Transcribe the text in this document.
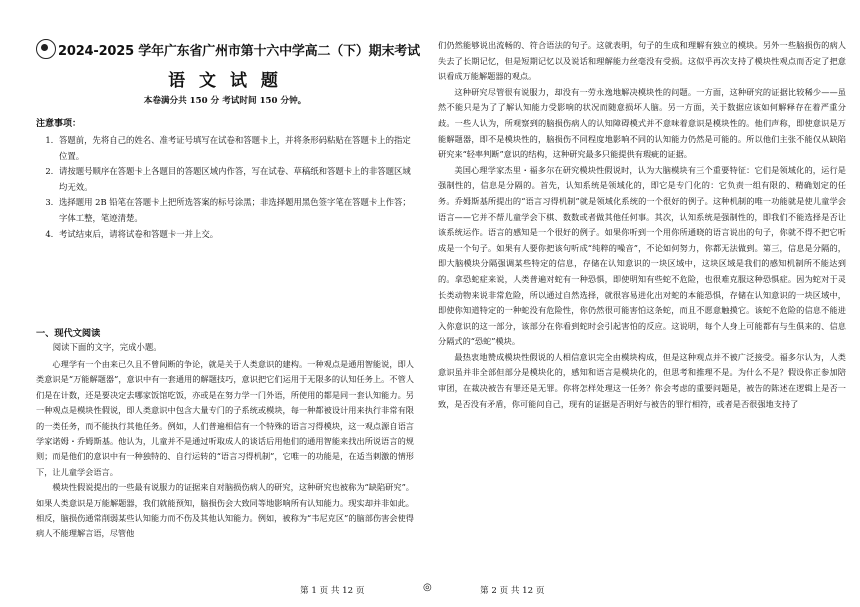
2024-2025 学年广东省广州市第十六中学高二（下）期末考试
语 文 试 题
本卷满分共 150 分 考试时间 150 分钟。
注意事项：
1. 答题前，先将自己的姓名、准考证号填写在试卷和答题卡上，并将条形码粘贴在答题卡上的指定位置。
2. 请按题号顺序在答题卡上各题目的答题区域内作答，写在试卷、草稿纸和答题卡上的非答题区域均无效。
3. 选择题用 2B 铅笔在答题卡上把所选答案的标号涂黑；非选择题用黑色签字笔在答题卡上作答；字体工整，笔迹清楚。
4. 考试结束后，请将试卷和答题卡一并上交。
一、现代文阅读
阅读下面的文字，完成小题。

心理学有一个由来已久且不曾间断的争论，就是关于人类意识的建构。一种观点是通用智能说，即人类意识是“万能解题器”，意识中有一套通用的解题技巧，意识把它们运用于无限多的认知任务上。不管人们是在计数，还是要决定去哪家饭馆吃饭，亦或是在努力学一门外语，所使用的都是同一套认知能力。另一种观点是模块性假说，即人类意识中包含大量专门的子系统或模块，每一种都被设计用来执行非常有限的一类任务，而不能执行其他任务。例如，人们普遍相信有一个特殊的语言习得模块，这一观点源自语言学家诺姆・乔姆斯基。他认为，儿童并不是通过听取成人的谈话后用他们的通用智能来找出所说语言的规则；而是他们的意识中有一种独特的、自行运转的“语言习得机制”，它唯一的功能是，在适当刺激的情形下，让儿童学会语言。

模块性假说提出的一些最有说服力的证据来自对脑损伤病人的研究，这种研究也被称为“缺陷研究”。如果人类意识是万能解题器，我们就能预知，脑损伤会大致同等地影响所有认知能力。现实却并非如此。相反，脑损伤通常削弱某些认知能力而不伤及其他认知能力。例如，被称为“韦尼克区”的脑部伤害会使得病人不能理解言语，尽管他

第 1 页 共 12 页	◎

们仍然能够说出流畅的、符合语法的句子。这就表明，句子的生成和理解有独立的模块。另外一些脑损伤的病人失去了长期记忆，但是短期记忆以及说话和理解能力丝毫没有受损。这似乎再次支持了模块性观点而否定了把意识看成万能解题器的观点。

这种研究尽管很有说服力，却没有一劳永逸地解决模块性的问题。一方面，这种研究的证据比较稀少——虽然不能只是为了了解认知能力受影响的状况而随意损坏人脑。另一方面，关于数据应该如何解释存在着严重分歧。一些人认为，所观察到的脑损伤病人的认知障碍模式并不意味着意识是模块性的。他们声称，即使意识是万能解题器，即不是模块性的，脑损伤不同程度地影响不同的认知能力仍然是可能的。所以他们主张不能仅从缺陷研究来“轻率判断”意识的结构，这种研究最多只能提供有瑕疵的证据。

美国心理学家杰里・福多尔在研究模块性假说时，认为大脑模块有三个重要特征：它们是领域化的，运行是强制性的，信息是分隔的。首先，认知系统是领域化的，即它是专门化的：它负责一组有限的、精确划定的任务。乔姆斯基所提出的“语言习得机制”就是领域化系统的一个很好的例子。这种机制的唯一功能就是使儿童学会语言——它并不帮儿童学会下棋、数数或者做其他任何事。其次，认知系统是强制性的，即我们不能选择是否让该系统运作。语言的感知是一个很好的例子。如果你听到一个用你所通晓的语言说出的句子，你就不得不把它听成是一个句子。如果有人要你把该句听成“纯粹的噪音”，不论如何努力，你都无法做到。第三，信息是分隔的，即大脑模块分隔强调某些特定的信息，存储在认知意识的一块区域中，这块区域是我们的感知机制所不能达到的。拿恐蛇症来说，人类普遍对蛇有一种恐惧，即使明知有些蛇不危险，也很难克服这种恐惧症。因为蛇对于灵长类动物来说非常危险，所以通过自然选择，就很容易进化出对蛇的本能恐惧，存储在认知意识的一块区域中，即使你知道特定的一种蛇没有危险性，你仍然很可能害怕这条蛇，而且不愿意触摸它。该蛇不危险的信息不能进入你意识的这一部分，该部分在你看到蛇时会引起害怕的反应。这说明，每个人身上可能都有与生俱来的、信息分隔式的“恐蛇”模块。

最热衷地赞成模块性假说的人相信意识完全由模块构成，但是这种观点并不被广泛接受。福多尔认为，人类意识虽并非全部但部分是模块化的，感知和语言是模块化的，但思考和推理不是。为什么不是？假设你正参加陪审团，在裁决被告有罪还是无罪。你将怎样处理这一任务？你会考虑的重要问题是，被告的陈述在逻辑上是否一致，是否没有矛盾，你可能问自己，现有的证据是否明好与被告的罪行相符，或者是否很强地支持了

第 2 页 共 12 页
